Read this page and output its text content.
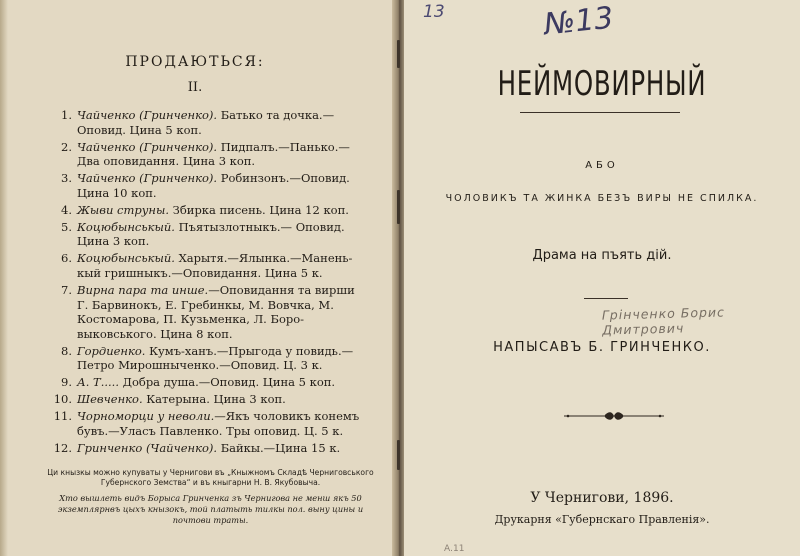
ПРОДАЮТЬСЯ:
II.
1. Чайченко (Гринченко). Батько та дочка.—
Оповид. Цина 5 коп.
2. Чайченко (Гринченко). Пидпалъ.—Панько.—
Два оповидання. Цина 3 коп.
3. Чайченко (Гринченко). Робинзонъ.—Оповид.
Цина 10 коп.
4. Жыви струны. Збирка писень. Цина 12 коп.
5. Коцюбынськый. Пъятызлотныкъ.— Оповид.
Цина 3 коп.
6. Коцюбынськый. Харытя.—Ялынка.—Манень-
кый гришныкъ.—Оповидання. Цина 5 к.
7. Вирна пара та инше.—Оповидання та вирши
Г. Барвинокъ, Е. Гребинкы, М. Вовчка, М. Костомарова, П. Кузьменка, Л. Боро-выковського. Цина 8 коп.
8. Гордиенко. Кумъ-ханъ.—Прыгода у повидь.—
Петро Мирошныченко.—Оповид. Ц. 3 к.
9. А. Т..... Добра душа.—Оповид. Цина 5 коп.
10. Шевченко. Катерына. Цина 3 коп.
11. Чорноморци у неволи.—Якъ чоловикъ конемъ
бувъ.—Уласъ Павленко. Тры оповид. Ц. 5 к.
12. Гринченко (Чайченко). Байкы.—Цина 15 к.
Ци кнызкы можно купуваты у Чернигови въ „Кныжномъ Складѣ Черниговського Губернского Земства“ и въ кныгарни Н. В. Якубовыча.
Хто вышлеть видъ Борыса Гринченка зъ Чернигова не менш якъ 50 экземплярнвъ цыхъ кнызокъ, той платыть тилкы пол. выну цины и почтови траты.
13	№13
НЕЙМОВИРНЫЙ
АБО
ЧОЛОВИКЪ ТА ЖИНКА БЕЗЪ ВИРЫ НЕ СПИЛКА.
Драма на пъять дій.
Грінченко Борис Дмитрович
НАПЫСАВЪ Б. ГРИНЧЕНКО.
У Чернигови, 1896.
Друкарня «Губернскаго Правленія».
А.11
